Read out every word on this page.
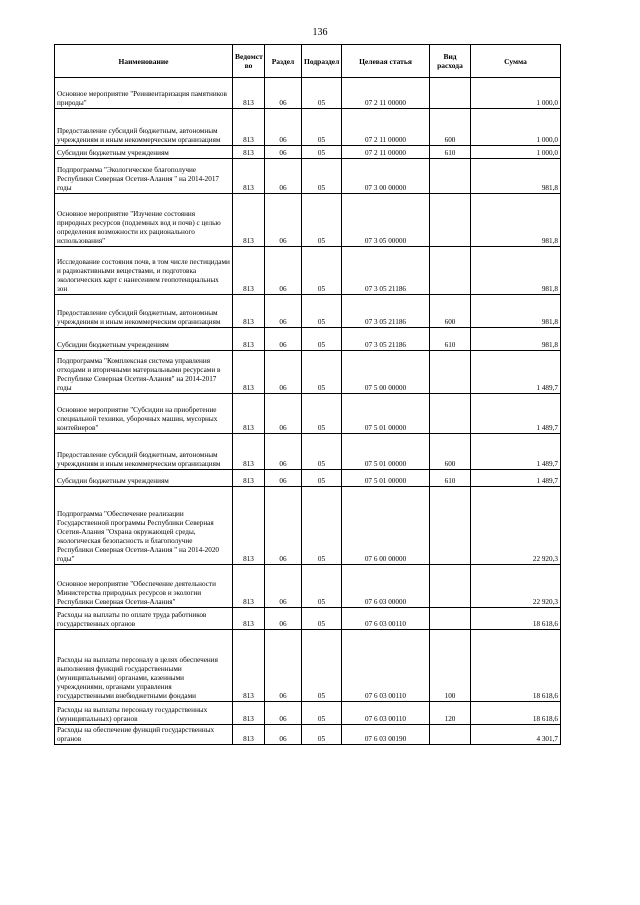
136
Наименование	Ведомст во	Раздел	Подраздел	Целевая статья	Вид расхода	Сумма
Основное мероприятие "Реинвентаризация памятников природы"	813	06	05	07 2 11 00000		1 000,0
Предоставление субсидий бюджетным, автономным учреждениям и иным некоммерческим организациям	813	06	05	07 2 11 00000	600	1 000,0
Субсидии бюджетным учреждениям	813	06	05	07 2 11 00000	610	1 000,0
Подпрограмма "Экологическое благополучие Республики Северная Осетия-Алания " на 2014-2017 годы	813	06	05	07 3 00 00000		981,8
Основное мероприятие "Изучение состояния природных ресурсов (подземных вод и почв) с целью определения возможности их рационального использования"	813	06	05	07 3 05 00000		981,8
Исследование состояния почв, в том числе пестицидами и радиоактивными веществами, и подготовка экологических карт с нанесением геопотенциальных зон	813	06	05	07 3 05 21186		981,8
Предоставление субсидий бюджетным, автономным учреждениям и иным некоммерческим организациям	813	06	05	07 3 05 21186	600	981,8
Субсидии бюджетным учреждениям	813	06	05	07 3 05 21186	610	981,8
Подпрограмма "Комплексная система управления отходами и вторичными материальными ресурсами в Республике Северная Осетия-Алания" на 2014-2017 годы	813	06	05	07 5 00 00000		1 489,7
Основное мероприятие "Субсидии на приобретение специальной техники, уборочных машин, мусорных контейнеров"	813	06	05	07 5 01 00000		1 489,7
Предоставление субсидий бюджетным, автономным учреждениям и иным некоммерческим организациям	813	06	05	07 5 01 00000	600	1 489,7
Субсидии бюджетным учреждениям	813	06	05	07 5 01 00000	610	1 489,7
Подпрограмма "Обеспечение реализации Государственной программы Республики Северная Осетия-Алания "Охрана окружающей среды, экологическая безопасность и благополучие Республики Северная Осетия-Алания " на 2014-2020 годы"	813	06	05	07 6 00 00000		22 920,3
Основное мероприятие "Обеспечение деятельности Министерства природных ресурсов и экологии Республики Северная Осетия-Алания"	813	06	05	07 6 03 00000		22 920,3
Расходы на выплаты по оплате труда работников государственных органов	813	06	05	07 6 03 00110		18 618,6
Расходы на выплаты персоналу в целях обеспечения выполнения функций государственными (муниципальными) органами, казенными учреждениями, органами управления государственными внебюджетными фондами	813	06	05	07 6 03 00110	100	18 618,6
Расходы на выплаты персоналу государственных (муниципальных) органов	813	06	05	07 6 03 00110	120	18 618,6
Расходы на обеспечение функций государственных органов	813	06	05	07 6 03 00190		4 301,7
